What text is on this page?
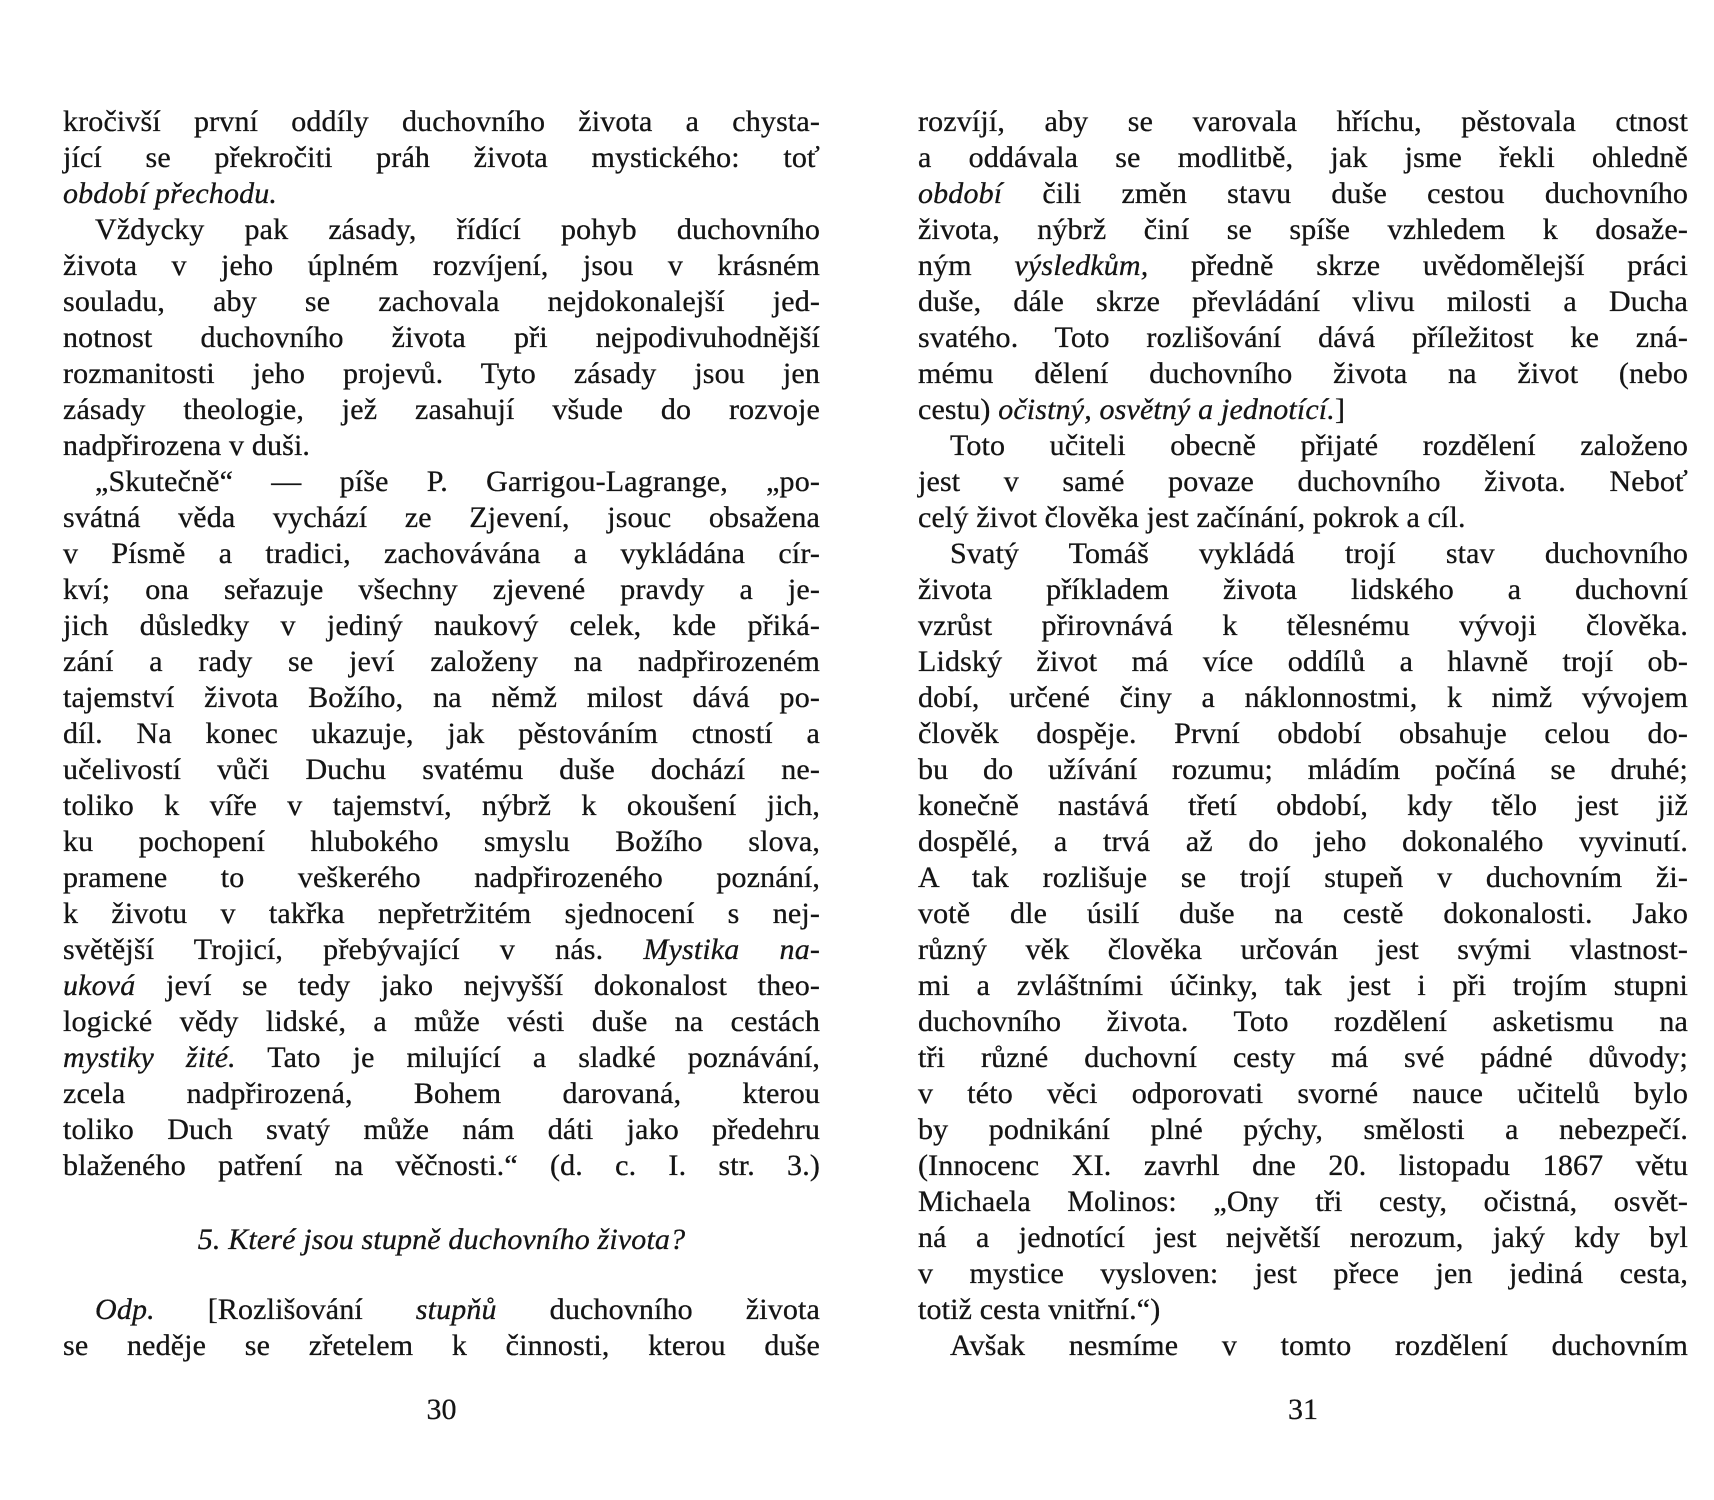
kročivší první oddíly duchovního života a chysta-
jící se překročiti práh života mystického: toť
období přechodu.
Vždycky pak zásady, řídící pohyb duchovního
života v jeho úplném rozvíjení, jsou v krásném
souladu, aby se zachovala nejdokonalejší jed-
notnost duchovního života při nejpodivuhodnější
rozmanitosti jeho projevů. Tyto zásady jsou jen
zásady theologie, jež zasahují všude do rozvoje
nadpřirozena v duši.
„Skutečně“ — píše P. Garrigou-Lagrange, „po-
svátná věda vychází ze Zjevení, jsouc obsažena
v Písmě a tradici, zachovávána a vykládána cír-
kví; ona seřazuje všechny zjevené pravdy a je-
jich důsledky v jediný naukový celek, kde přiká-
zání a rady se jeví založeny na nadpřirozeném
tajemství života Božího, na němž milost dává po-
díl. Na konec ukazuje, jak pěstováním ctností a
učelivostí vůči Duchu svatému duše dochází ne-
toliko k víře v tajemství, nýbrž k okoušení jich,
ku pochopení hlubokého smyslu Božího slova,
pramene to veškerého nadpřirozeného poznání,
k životu v takřka nepřetržitém sjednocení s nej-
světější Trojicí, přebývající v nás. Mystika na-
uková jeví se tedy jako nejvyšší dokonalost theo-
logické vědy lidské, a může vésti duše na cestách
mystiky žité. Tato je milující a sladké poznávání,
zcela nadpřirozená, Bohem darovaná, kterou
toliko Duch svatý může nám dáti jako předehru
blaženého patření na věčnosti.“ (d. c. I. str. 3.)
5. Které jsou stupně duchovního života?
Odp. [Rozlišování stupňů duchovního života
se neděje se zřetelem k činnosti, kterou duše
30
rozvíjí, aby se varovala hříchu, pěstovala ctnost
a oddávala se modlitbě, jak jsme řekli ohledně
období čili změn stavu duše cestou duchovního
života, nýbrž činí se spíše vzhledem k dosaže-
ným výsledkům, předně skrze uvědomělejší práci
duše, dále skrze převládání vlivu milosti a Ducha
svatého. Toto rozlišování dává příležitost ke zná-
mému dělení duchovního života na život (nebo
cestu) očistný, osvětný a jednotící.]
Toto učiteli obecně přijaté rozdělení založeno
jest v samé povaze duchovního života. Neboť
celý život člověka jest začínání, pokrok a cíl.
Svatý Tomáš vykládá trojí stav duchovního
života příkladem života lidského a duchovní
vzrůst přirovnává k tělesnému vývoji člověka.
Lidský život má více oddílů a hlavně trojí ob-
dobí, určené činy a náklonnostmi, k nimž vývojem
člověk dospěje. První období obsahuje celou do-
bu do užívání rozumu; mládím počíná se druhé;
konečně nastává třetí období, kdy tělo jest již
dospělé, a trvá až do jeho dokonalého vyvinutí.
A tak rozlišuje se trojí stupeň v duchovním ži-
votě dle úsilí duše na cestě dokonalosti. Jako
různý věk člověka určován jest svými vlastnost-
mi a zvláštními účinky, tak jest i při trojím stupni
duchovního života. Toto rozdělení asketismu na
tři různé duchovní cesty má své pádné důvody;
v této věci odporovati svorné nauce učitelů bylo
by podnikání plné pýchy, smělosti a nebezpečí.
(Innocenc XI. zavrhl dne 20. listopadu 1867 větu
Michaela Molinos: „Ony tři cesty, očistná, osvět-
ná a jednotící jest největší nerozum, jaký kdy byl
v mystice vysloven: jest přece jen jediná cesta,
totiž cesta vnitřní.“)
Avšak nesmíme v tomto rozdělení duchovním
31
